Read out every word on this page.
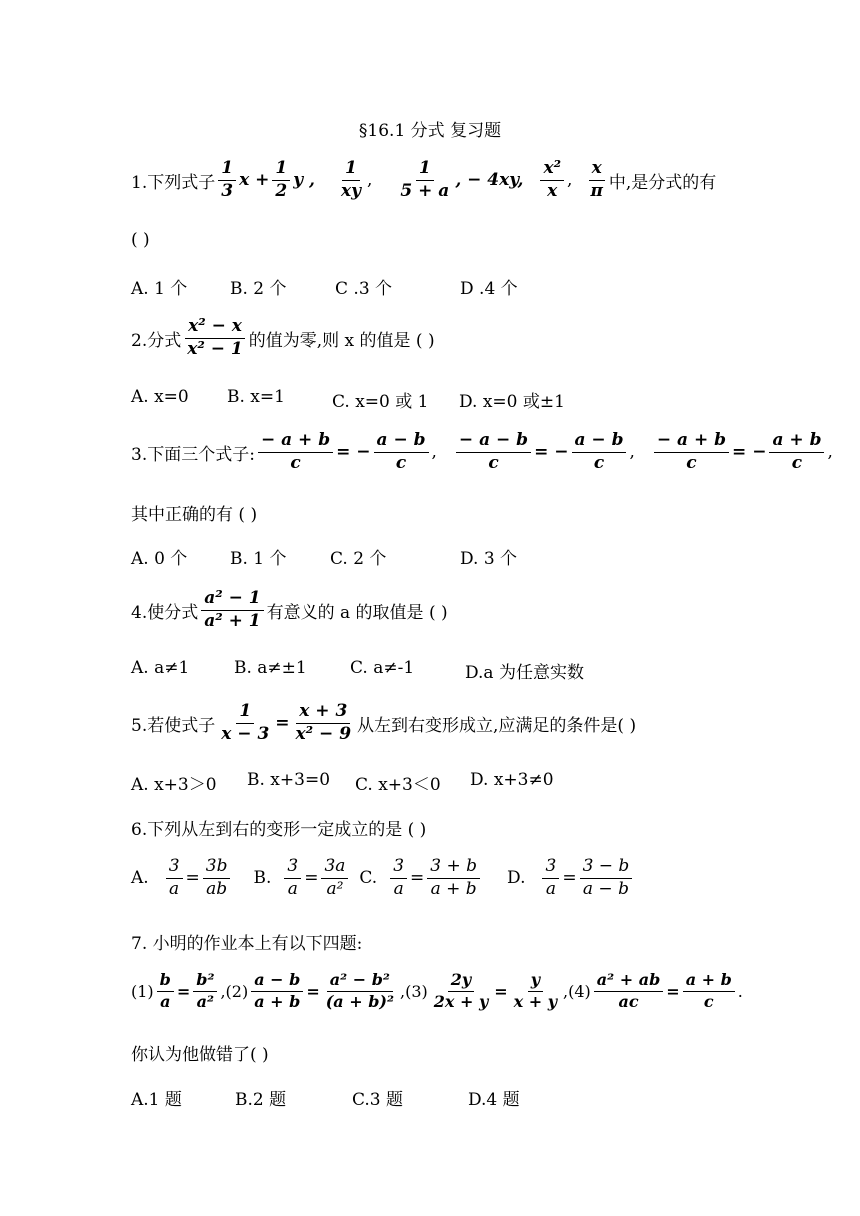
§16.1 分式 复习题
1.下列式子 $\frac{1}{3}$ $x + \frac{1}{2}$ y , $\frac{1}{xy}$ , $\frac{1}{5 + a}$ , − 4xy, $\frac{\text{x²}}{x}$ , $\frac{x}{\pi}$ 中,是分式的有
( )
A. 1 个	B. 2 个	C .3 个	D .4 个
2.分式 $\frac{\text{x² − x}}{\text{x² − 1}}$ 的值为零,则 x 的值是 ( )
A. x=0 B. x=1	C. x=0 或 1 D. x=0 或±1
3.下面三个式子: $\frac{- a + b}{c}$ = − $\frac{a - b}{c}$ , $\frac{- a - b}{c}$ = − $\frac{a - b}{c}$ , $\frac{- a + b}{c}$ = − $\frac{a + b}{c}$ ,
其中正确的有 ( )
A. 0 个	B. 1 个	C. 2 个	D. 3 个
4.使分式 $\frac{\text{a² − 1}}{\text{a² + 1}}$ 有意义的 a 的取值是 ( )
A. a≠1	B. a≠±1	C. a≠-1	D.a 为任意实数
5.若使式子 $\frac{1}{x - 3} = \frac{x + 3}{\text{x² − 9}}$ 从左到右变形成立,应满足的条件是( )
A. x+3＞0 B. x+3=0 C. x+3＜0 D. x+3≠0
6.下列从左到右的变形一定成立的是 ( )
A. $\frac{3}{a} = \frac{3b}{ab} B$. $\frac{3}{a} = \frac{3a}{\text{a²}} C$. $\frac{3}{a} = \frac{3 + b}{a + b} D$. $\frac{3}{a} = \frac{3 - b}{a - b}$
7. 小明的作业本上有以下四题:
$(1) \frac{b}{a} = \frac{\text{b²}}{\text{a²}} ,(2) \frac{a - b}{a + b} = \frac{\text{a² − b²}}{\text{(a + b)²}} ,(3) \frac{2y}{2x + y} = \frac{y}{x + y} ,(4) \frac{\text{a² + ab}}{ac} = \frac{a + b}{c}$ .
你认为他做错了( )
A.1 题	B.2 题	C.3 题	D.4 题
